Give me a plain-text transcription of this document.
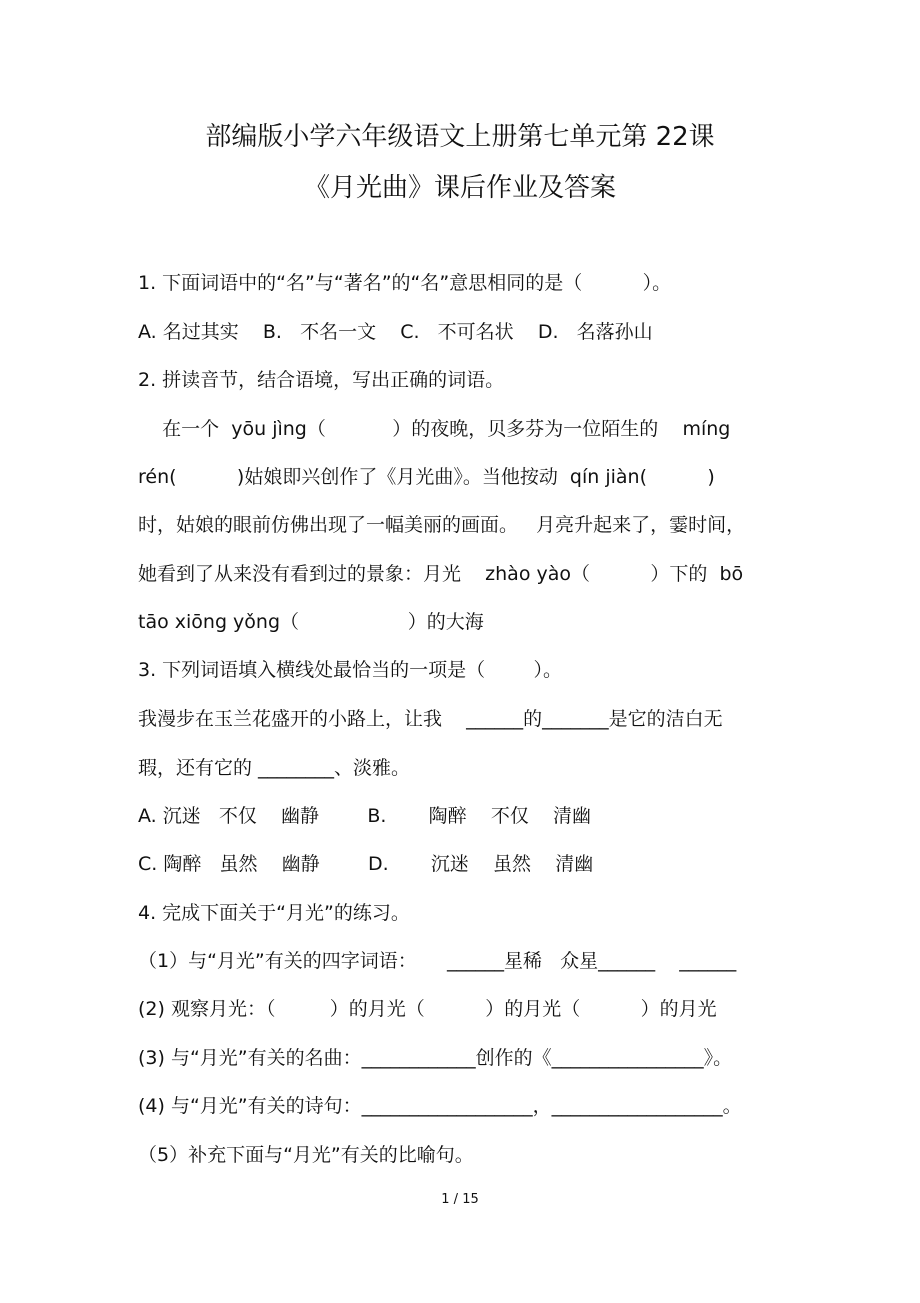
部编版小学六年级语文上册第七单元第 22课
《月光曲》课后作业及答案

1. 下面词语中的“名”与“著名”的“名”意思相同的是（          ）。

A. 名过其实    B.   不名一文    C.   不可名状    D.   名落孙山

2. 拼读音节，结合语境，写出正确的词语。

在一个  yōu jìng（           ）的夜晚，贝多芬为一位陌生的    míng

rén(          )姑娘即兴创作了《月光曲》。当他按动  qín jiàn(          )

时，姑娘的眼前仿佛出现了一幅美丽的画面。   月亮升起来了，霎时间，

她看到了从来没有看到过的景象：月光    zhào yào（          ）下的  bō

tāo xiōng yǒng（                  ）的大海

3. 下列词语填入横线处最恰当的一项是（        ）。

我漫步在玉兰花盛开的小路上，让我    ______的_______是它的洁白无

瑕，还有它的 ________、淡雅。

A. 沉迷   不仅    幽静        B.       陶醉    不仅    清幽

C. 陶醉   虽然    幽静        D.       沉迷    虽然    清幽

4. 完成下面关于“月光”的练习。

（1）与“月光”有关的四字词语：     ______星稀   众星______    ______

(2) 观察月光：（         ）的月光（          ）的月光（          ）的月光

(3) 与“月光”有关的名曲：____________创作的《________________》。

(4) 与“月光”有关的诗句：__________________，__________________。

（5）补充下面与“月光”有关的比喻句。

1 / 15
